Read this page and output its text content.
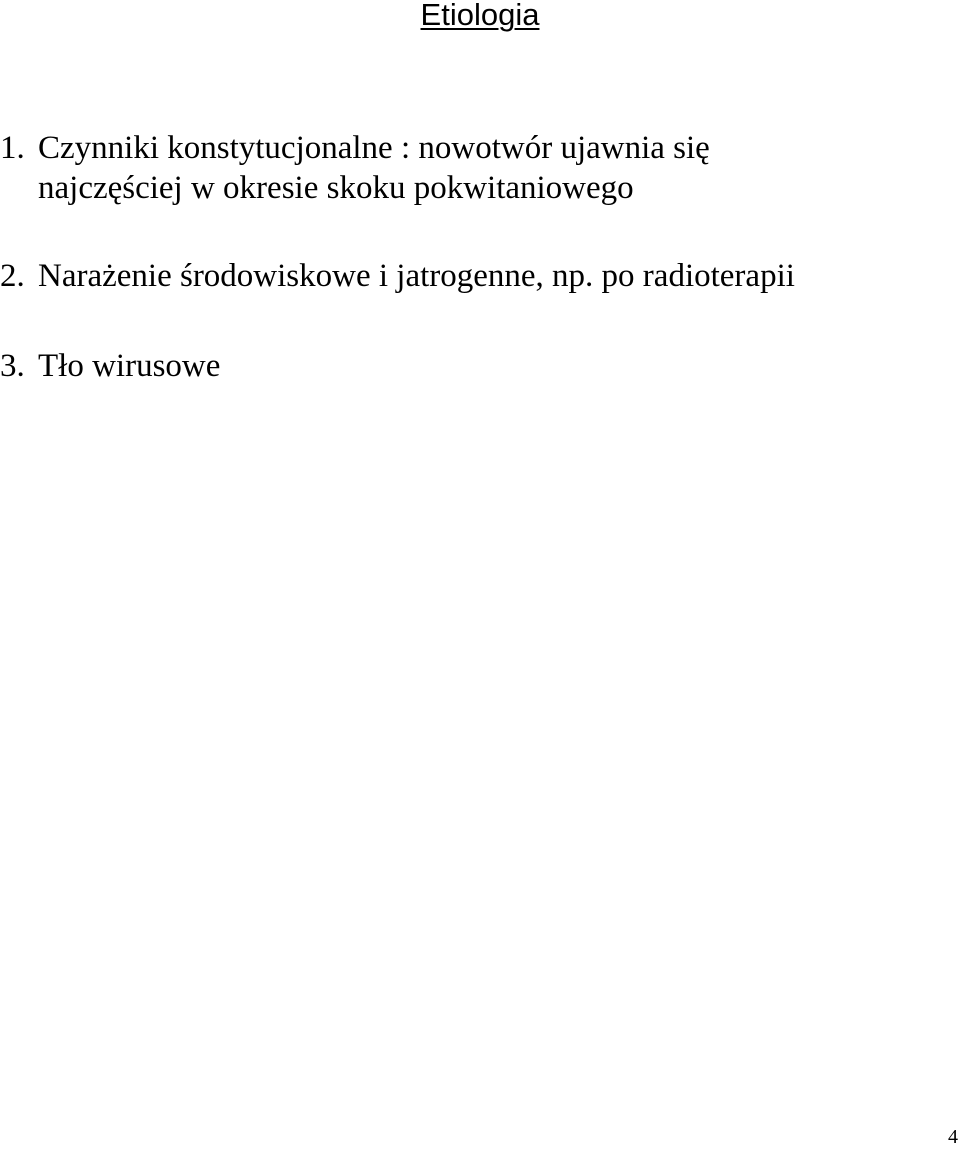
Etiologia
1. Czynniki konstytucjonalne : nowotwór ujawnia się
najczęściej w okresie skoku pokwitaniowego
2. Narażenie środowiskowe i jatrogenne, np. po radioterapii
3. Tło wirusowe
4
